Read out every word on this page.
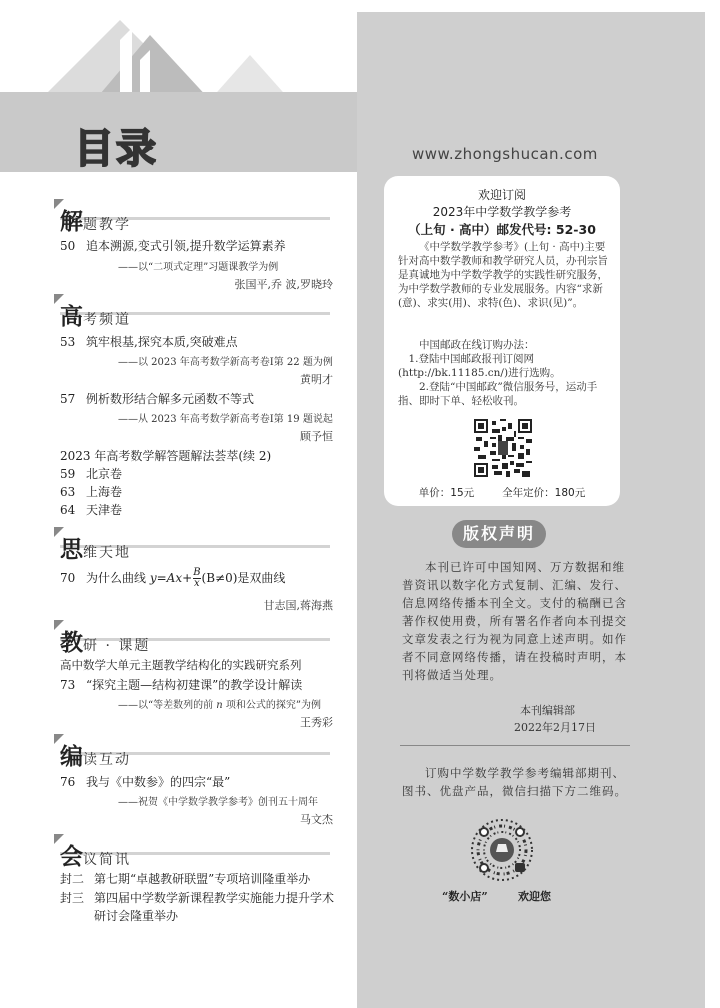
目录	www.zhongshucan.com
解题教学
50 追本溯源,变式引领,提升数学运算素养
——以“二项式定理”习题课教学为例
张国平,乔 波,罗晓玲
高考频道
53 筑牢根基,探究本质,突破难点
——以 2023 年高考数学新高考卷Ⅰ第 22 题为例
黄明才
57 例析数形结合解多元函数不等式
——从 2023 年高考数学新高考卷Ⅰ第 19 题说起
顾予恒
2023 年高考数学解答题解法荟萃(续 2)
59 北京卷
63 上海卷
64 天津卷
思维天地
70 为什么曲线 $y=Ax+ \frac{B}{x} (B\ne 0)$是双曲线
甘志国,蒋海燕
教研 · 课题
高中数学大单元主题教学结构化的实践研究系列
73 “探究主题—结构初建课”的教学设计解读
——以“等差数列的前 n 项和公式的探究”为例
王秀彩
编读互动
76 我与《中数参》的四宗“最”
——祝贺《中学数学教学参考》创刊五十周年
马文杰
会议简讯
封二 第七期“卓越教研联盟”专项培训隆重举办
封三 第四届中学数学新课程教学实施能力提升学术
研讨会隆重举办
欢迎订阅
2023年中学数学教学参考
（上旬 · 高中）邮发代号: 52-30
《中学数学教学参考》(上旬 · 高中)主要针对高中数学教师和教学研究人员，办刊宗旨是真诚地为中学数学教学的实践性研究服务，为中学数学教师的专业发展服务。内容“求新(意)、求实(用)、求特(色)、求识(见)”。
中国邮政在线订购办法：
1.登陆中国邮政报刊订阅网(http://bk.11185.cn/)进行选购。
2.登陆“中国邮政”微信服务号，运动手指、即时下单、轻松收刊。
单价：15元	全年定价：180元
版权声明
本刊已许可中国知网、万方数据和维普资讯以数字化方式复制、汇编、发行、信息网络传播本刊全文。支付的稿酬已含著作权使用费，所有署名作者向本刊提交文章发表之行为视为同意上述声明。如作者不同意网络传播，请在投稿时声明，本刊将做适当处理。
本刊编辑部
2022年2月17日
订购中学数学教学参考编辑部期刊、图书、优盘产品，微信扫描下方二维码。
“数小店”	欢迎您
